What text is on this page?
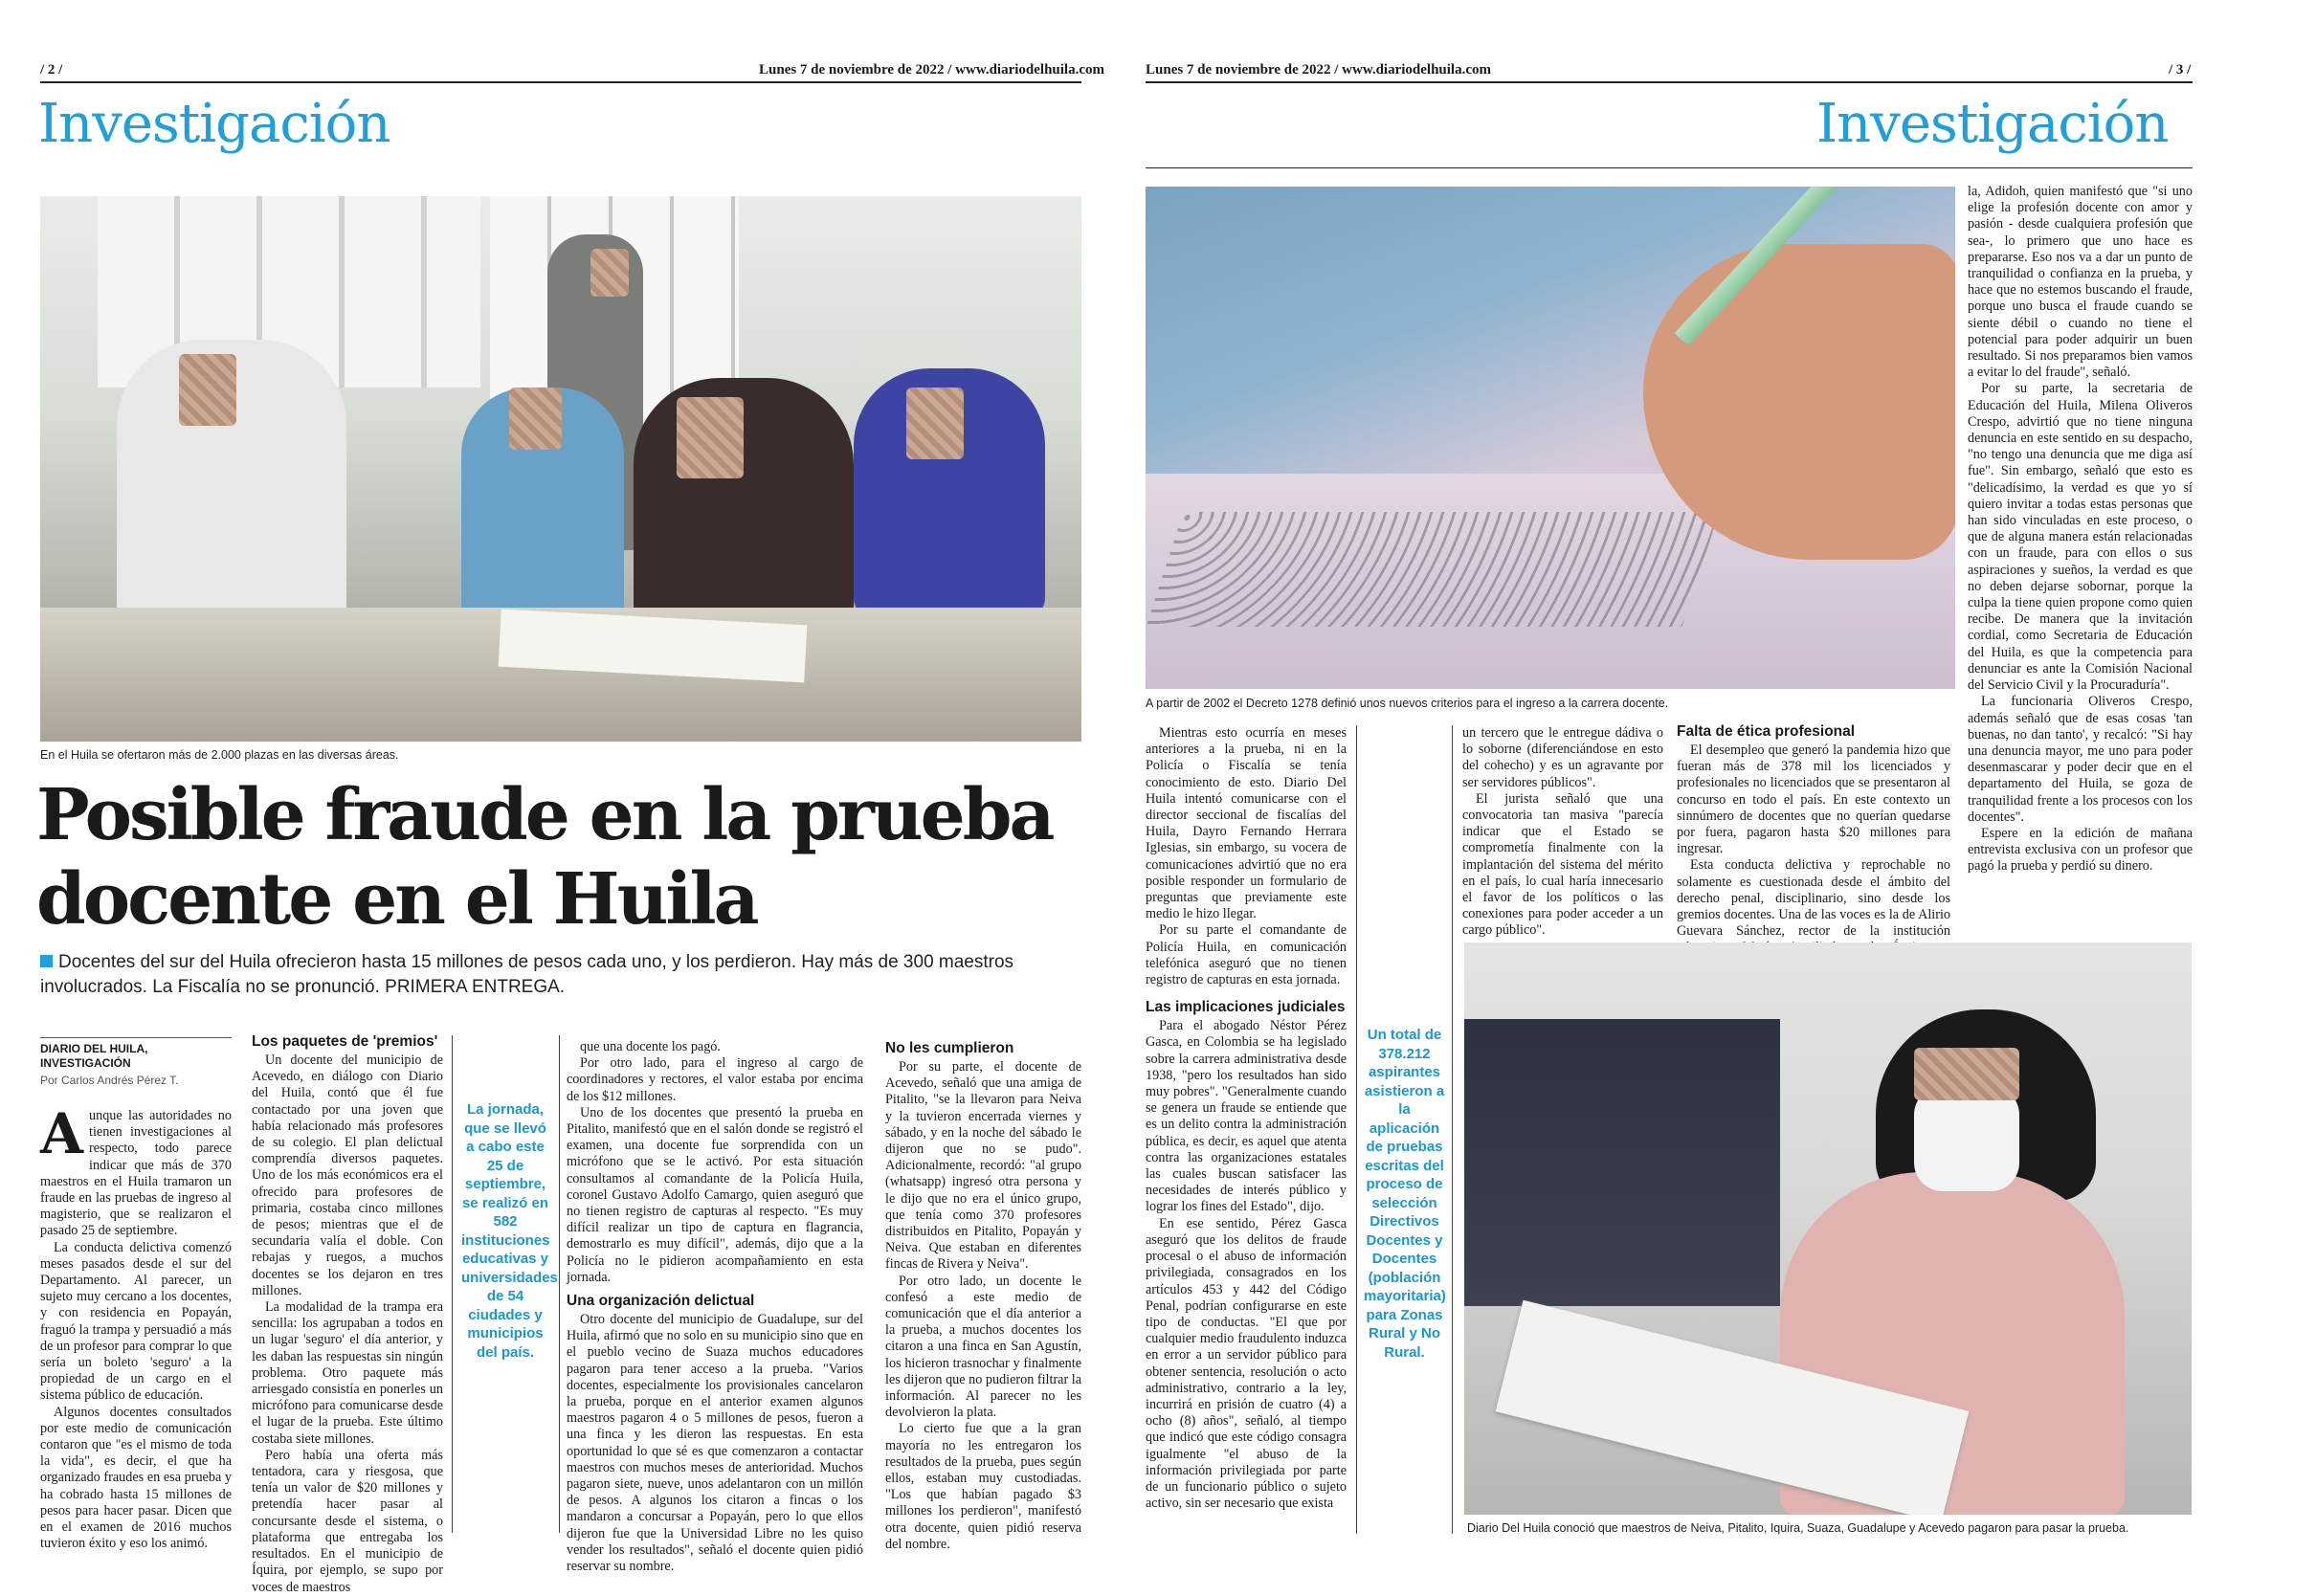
/ 2 /	Lunes 7 de noviembre de 2022 / www.diariodelhuila.com
Investigación
En el Huila se ofertaron más de 2.000 plazas en las diversas áreas.
Posible fraude en la prueba
docente en el Huila
Docentes del sur del Huila ofrecieron hasta 15 millones de pesos cada uno, y los perdieron. Hay más de 300 maestros involucrados. La Fiscalía no se pronunció. PRIMERA ENTREGA.
DIARIO DEL HUILA, INVESTIGACIÓN
Por Carlos Andrés Pérez T.

Aunque las autoridades no tienen investigaciones al respecto, todo parece indicar que más de 370 maestros en el Huila tramaron un fraude en las pruebas de ingreso al magisterio, que se realizaron el pasado 25 de septiembre.

La conducta delictiva comenzó meses pasados desde el sur del Departamento. Al parecer, un sujeto muy cercano a los docentes, y con residencia en Popayán, fraguó la trampa y persuadió a más de un profesor para comprar lo que sería un boleto 'seguro' a la propiedad de un cargo en el sistema público de educación.

Algunos docentes consultados por este medio de comunicación contaron que "es el mismo de toda la vida", es decir, el que ha organizado fraudes en esa prueba y ha cobrado hasta 15 millones de pesos para hacer pasar. Dicen que en el examen de 2016 muchos tuvieron éxito y eso los animó.

Los paquetes de 'premios'

Un docente del municipio de Acevedo, en diálogo con Diario del Huila, contó que él fue contactado por una joven que había relacionado más profesores de su colegio. El plan delictual comprendía diversos paquetes. Uno de los más económicos era el ofrecido para profesores de primaria, costaba cinco millones de pesos; mientras que el de secundaria valía el doble. Con rebajas y ruegos, a muchos docentes se los dejaron en tres millones.

La modalidad de la trampa era sencilla: los agrupaban a todos en un lugar 'seguro' el día anterior, y les daban las respuestas sin ningún problema. Otro paquete más arriesgado consistía en ponerles un micrófono para comunicarse desde el lugar de la prueba. Este último costaba siete millones.

Pero había una oferta más tentadora, cara y riesgosa, que tenía un valor de $20 millones y pretendía hacer pasar al concursante desde el sistema, o plataforma que entregaba los resultados. En el municipio de Íquira, por ejemplo, se supo por voces de maestros

La jornada, que se llevó a cabo este 25 de septiembre, se realizó en 582 instituciones educativas y universidades de 54 ciudades y municipios del país.

que una docente los pagó.

Por otro lado, para el ingreso al cargo de coordinadores y rectores, el valor estaba por encima de los $12 millones.

Uno de los docentes que presentó la prueba en Pitalito, manifestó que en el salón donde se registró el examen, una docente fue sorprendida con un micrófono que se le activó. Por esta situación consultamos al comandante de la Policía Huila, coronel Gustavo Adolfo Camargo, quien aseguró que no tienen registro de capturas al respecto. "Es muy difícil realizar un tipo de captura en flagrancia, demostrarlo es muy difícil", además, dijo que a la Policía no le pidieron acompañamiento en esta jornada.

Una organización delictual

Otro docente del municipio de Guadalupe, sur del Huila, afirmó que no solo en su municipio sino que en el pueblo vecino de Suaza muchos educadores pagaron para tener acceso a la prueba. "Varios docentes, especialmente los provisionales cancelaron la prueba, porque en el anterior examen algunos maestros pagaron 4 o 5 millones de pesos, fueron a una finca y les dieron las respuestas. En esta oportunidad lo que sé es que comenzaron a contactar maestros con muchos meses de anterioridad. Muchos pagaron siete, nueve, unos adelantaron con un millón de pesos. A algunos los citaron a fincas o los mandaron a concursar a Popayán, pero lo que ellos dijeron fue que la Universidad Libre no les quiso vender los resultados", señaló el docente quien pidió reservar su nombre.

No les cumplieron

Por su parte, el docente de Acevedo, señaló que una amiga de Pitalito, "se la llevaron para Neiva y la tuvieron encerrada viernes y sábado, y en la noche del sábado le dijeron que no se pudo". Adicionalmente, recordó: "al grupo (whatsapp) ingresó otra persona y le dijo que no era el único grupo, que tenía como 370 profesores distribuidos en Pitalito, Popayán y Neiva. Que estaban en diferentes fincas de Rivera y Neiva".

Por otro lado, un docente le confesó a este medio de comunicación que el día anterior a la prueba, a muchos docentes los citaron a una finca en San Agustín, los hicieron trasnochar y finalmente les dijeron que no pudieron filtrar la información. Al parecer no les devolvieron la plata.

Lo cierto fue que a la gran mayoría no les entregaron los resultados de la prueba, pues según ellos, estaban muy custodiadas. "Los que habían pagado $3 millones los perdieron", manifestó otra docente, quien pidió reserva del nombre.

Lunes 7 de noviembre de 2022 / www.diariodelhuila.com	/ 3 /
Investigación
A partir de 2002 el Decreto 1278 definió unos nuevos criterios para el ingreso a la carrera docente.

Mientras esto ocurría en meses anteriores a la prueba, ni en la Policía o Fiscalía se tenía conocimiento de esto. Diario Del Huila intentó comunicarse con el director seccional de fiscalías del Huila, Dayro Fernando Herrara Iglesias, sin embargo, su vocera de comunicaciones advirtió que no era posible responder un formulario de preguntas que previamente este medio le hizo llegar.

Por su parte el comandante de Policía Huila, en comunicación telefónica aseguró que no tienen registro de capturas en esta jornada.

Las implicaciones judiciales

Para el abogado Néstor Pérez Gasca, en Colombia se ha legislado sobre la carrera administrativa desde 1938, "pero los resultados han sido muy pobres". "Generalmente cuando se genera un fraude se entiende que es un delito contra la administración pública, es decir, es aquel que atenta contra las organizaciones estatales las cuales buscan satisfacer las necesidades de interés público y lograr los fines del Estado", dijo.

En ese sentido, Pérez Gasca aseguró que los delitos de fraude procesal o el abuso de información privilegiada, consagrados en los artículos 453 y 442 del Código Penal, podrían configurarse en este tipo de conductas. "El que por cualquier medio fraudulento induzca en error a un servidor público para obtener sentencia, resolución o acto administrativo, contrario a la ley, incurrirá en prisión de cuatro (4) a ocho (8) años", señaló, al tiempo que indicó que este código consagra igualmente "el abuso de la información privilegiada por parte de un funcionario público o sujeto activo, sin ser necesario que exista

Un total de 378.212 aspirantes asistieron a la aplicación de pruebas escritas del proceso de selección Directivos Docentes y Docentes (población mayoritaria) para Zonas Rural y No Rural.

un tercero que le entregue dádiva o lo soborne (diferenciándose en esto del cohecho) y es un agravante por ser servidores públicos".

El jurista señaló que una convocatoria tan masiva "parecía indicar que el Estado se comprometía finalmente con la implantación del sistema del mérito en el país, lo cual haría innecesario el favor de los políticos o las conexiones para poder acceder a un cargo público".

Falta de ética profesional

El desempleo que generó la pandemia hizo que fueran más de 378 mil los licenciados y profesionales no licenciados que se presentaron al concurso en todo el país. En este contexto un sinnúmero de docentes que no querían quedarse por fuera, pagaron hasta $20 millones para ingresar.

Esta conducta delictiva y reprochable no solamente es cuestionada desde el ámbito del derecho penal, disciplinario, sino desde los gremios docentes. Una de las voces es la de Alirio Guevara Sánchez, rector de la institución

la, Adidoh, quien manifestó que "si uno elige la profesión docente con amor y pasión - desde cualquiera profesión que sea-, lo primero que uno hace es prepararse. Eso nos va a dar un punto de tranquilidad o confianza en la prueba, y hace que no estemos buscando el fraude, porque uno busca el fraude cuando se siente débil o cuando no tiene el potencial para poder adquirir un buen resultado. Si nos preparamos bien vamos a evitar lo del fraude", señaló.

Por su parte, la secretaria de Educación del Huila, Milena Oliveros Crespo, advirtió que no tiene ninguna denuncia en este sentido en su despacho, "no tengo una denuncia que me diga así fue". Sin embargo, señaló que esto es "delicadísimo, la verdad es que yo sí quiero invitar a todas estas personas que han sido vinculadas en este proceso, o que de alguna manera están relacionadas con un fraude, para con ellos o sus aspiraciones y sueños, la verdad es que no deben dejarse sobornar, porque la culpa la tiene quien propone como quien recibe. De manera que la invitación cordial, como Secretaria de Educación del Huila, es que la competencia para denunciar es ante la Comisión Nacional del Servicio Civil y la Procuraduría".

La funcionaria Oliveros Crespo, además señaló que de esas cosas 'tan buenas, no dan tanto', y recalcó: "Si hay una denuncia mayor, me uno para poder desenmascarar y poder decir que en el departamento del Huila, se goza de tranquilidad frente a los procesos con los docentes".

Espere en la edición de mañana entrevista exclusiva con un profesor que pagó la prueba y perdió su dinero.

Diario Del Huila conoció que maestros de Neiva, Pitalito, Iquira, Suaza, Guadalupe y Acevedo pagaron para pasar la prueba.
